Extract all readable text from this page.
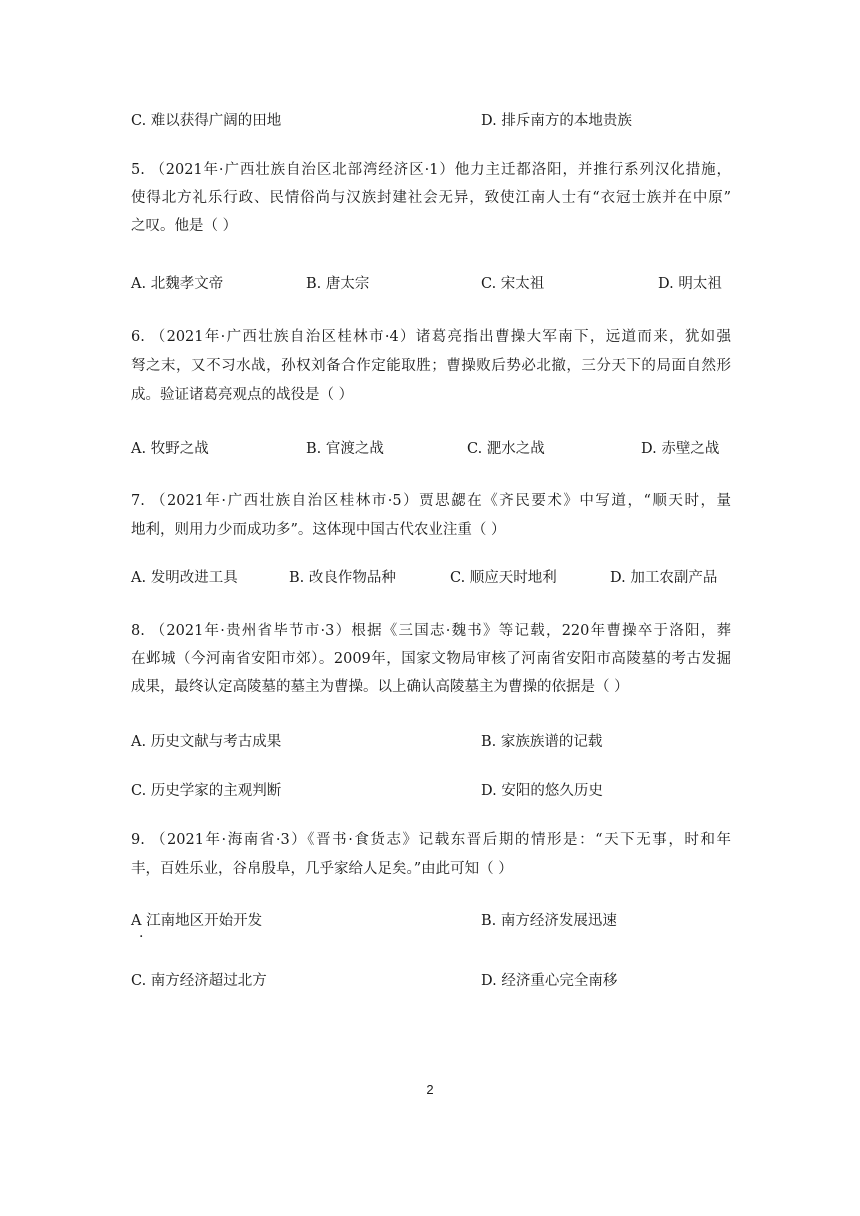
C. 难以获得广阔的田地	D. 排斥南方的本地贵族
5. （2021年·广西壮族自治区北部湾经济区·1）他力主迁都洛阳，并推行系列汉化措施，
使得北方礼乐行政、民情俗尚与汉族封建社会无异，致使江南人士有“衣冠士族并在中原”
之叹。他是（ ）
A. 北魏孝文帝	B. 唐太宗	C. 宋太祖	D. 明太祖
6. （2021年·广西壮族自治区桂林市·4）诸葛亮指出曹操大军南下，远道而来，犹如强
弩之末，又不习水战，孙权刘备合作定能取胜；曹操败后势必北撤，三分天下的局面自然形
成。验证诸葛亮观点的战役是（ ）
A. 牧野之战	B. 官渡之战	C. 淝水之战	D. 赤壁之战
7. （2021年·广西壮族自治区桂林市·5）贾思勰在《齐民要术》中写道，“顺天时，量
地利，则用力少而成功多”。这体现中国古代农业注重（ ）
A. 发明改进工具	B. 改良作物品种	C. 顺应天时地利	D. 加工农副产品
8. （2021年·贵州省毕节市·3）根据《三国志·魏书》等记载，220年曹操卒于洛阳，葬
在邺城（今河南省安阳市郊）。2009年，国家文物局审核了河南省安阳市高陵墓的考古发掘
成果，最终认定高陵墓的墓主为曹操。以上确认高陵墓主为曹操的依据是（ ）
A. 历史文献与考古成果	B. 家族族谱的记载
C. 历史学家的主观判断	D. 安阳的悠久历史
9. （2021年·海南省·3）《晋书·食货志》记载东晋后期的情形是：“天下无事，时和年
丰，百姓乐业，谷帛殷阜，几乎家给人足矣。”由此可知（ ）
A 江南地区开始开发	B. 南方经济发展迅速
·
C. 南方经济超过北方	D. 经济重心完全南移
2
